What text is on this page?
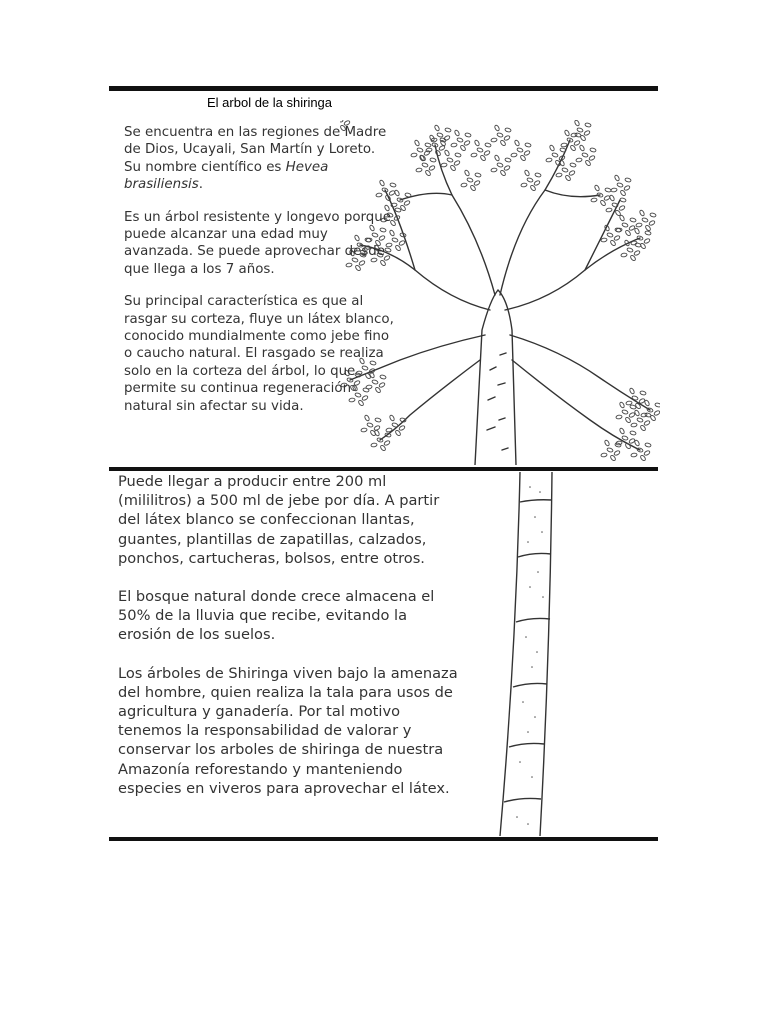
El arbol de la shiringa

Se encuentra en las regiones de Madre de Dios, Ucayali, San Martín y Loreto. Su nombre científico es Hevea brasiliensis.

Es un árbol resistente y longevo porque puede alcanzar una edad muy avanzada. Se puede aprovechar desde que llega a los 7 años.

Su principal característica es que al rasgar su corteza, fluye un látex blanco, conocido mundialmente como jebe fino o caucho natural. El rasgado se realiza solo en la corteza del árbol, lo que permite su continua regeneración natural sin afectar su vida.

Puede llegar a producir entre 200 ml (mililitros) a 500 ml de jebe por día. A partir del látex blanco se confeccionan llantas, guantes, plantillas de zapatillas, calzados, ponchos, cartucheras, bolsos, entre otros.

El bosque natural donde crece almacena el 50% de la lluvia que recibe, evitando la erosión de los suelos.

Los árboles de Shiringa viven bajo la amenaza del hombre, quien realiza la tala para usos de agricultura y ganadería. Por tal motivo tenemos la responsabilidad de valorar y conservar los arboles de shiringa de nuestra Amazonía reforestando y manteniendo especies en viveros para aprovechar el látex.
